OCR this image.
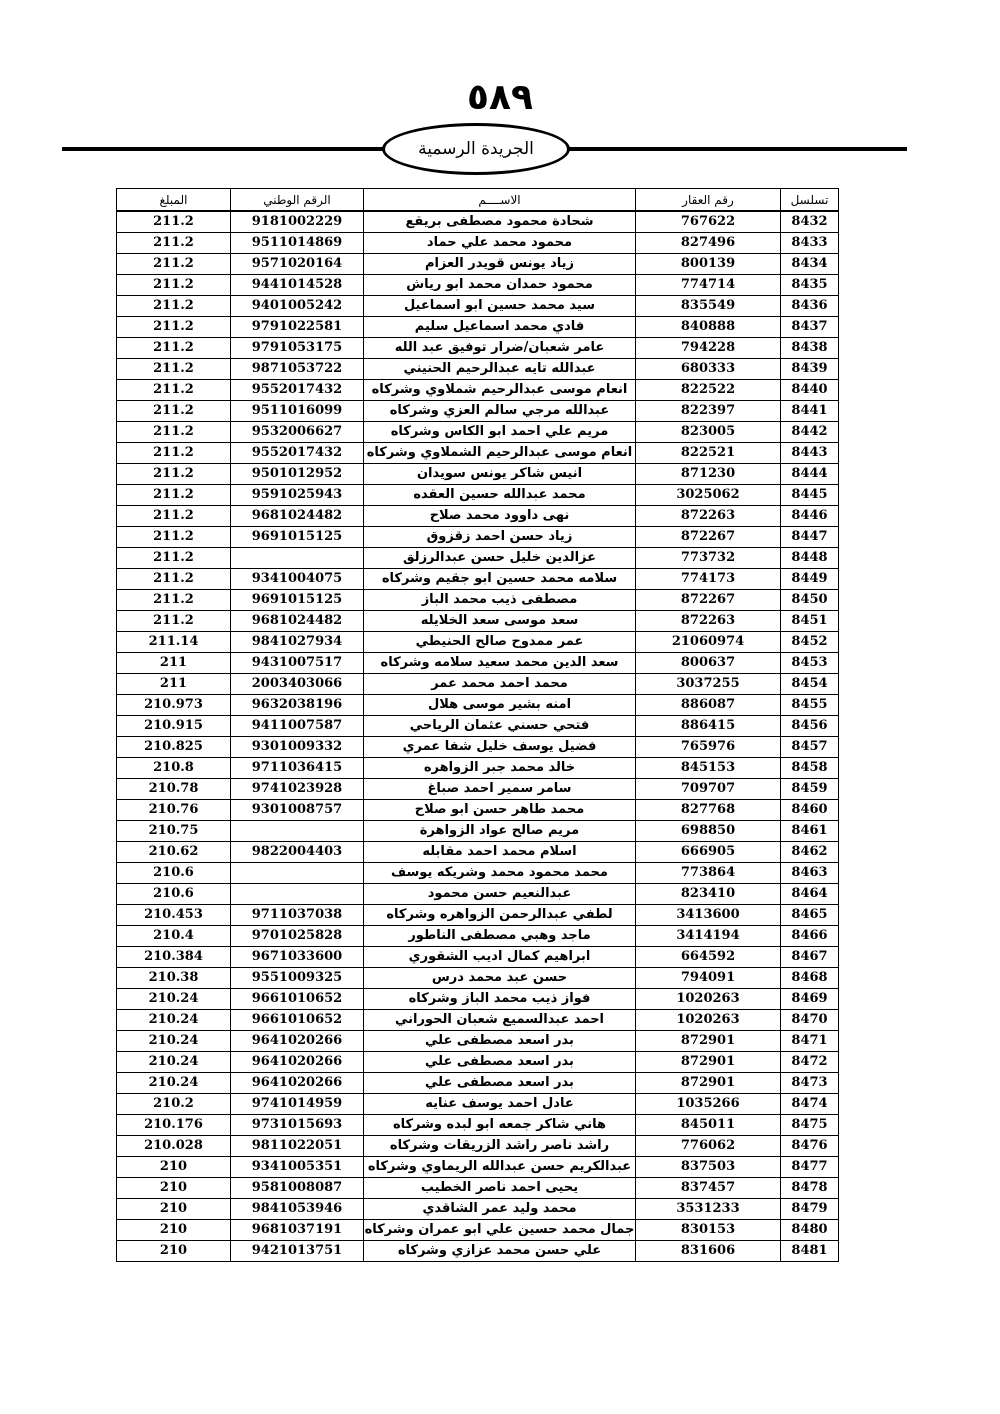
٥٨٩
الجريدة الرسمية
تسلسل	رقم العقار	الاســــم	الرقم الوطني	المبلغ
8432	767622	شحادة محمود مصطفى بريقع	9181002229	211.2
8433	827496	محمود محمد علي حماد	9511014869	211.2
8434	800139	زياد يونس قويدر العزام	9571020164	211.2
8435	774714	محمود حمدان محمد ابو رياش	9441014528	211.2
8436	835549	سيد محمد حسين ابو اسماعيل	9401005242	211.2
8437	840888	فادي محمد اسماعيل سليم	9791022581	211.2
8438	794228	عامر شعبان/ضرار توفيق عبد الله	9791053175	211.2
8439	680333	عبدالله تايه عبدالرحيم الحنيني	9871053722	211.2
8440	822522	انعام موسى عبدالرحيم شملاوي وشركاه	9552017432	211.2
8441	822397	عبدالله مرجي سالم العزي وشركاه	9511016099	211.2
8442	823005	مريم علي احمد ابو الكاس وشركاه	9532006627	211.2
8443	822521	انعام موسى عبدالرحيم الشملاوي وشركاه	9552017432	211.2
8444	871230	انيس شاكر يونس سويدان	9501012952	211.2
8445	3025062	محمد عبدالله حسين العقده	9591025943	211.2
8446	872263	نهى داوود محمد صلاح	9681024482	211.2
8447	872267	زياد حسن احمد زقزوق	9691015125	211.2
8448	773732	عزالدين خليل حسن عبدالرزلق		211.2
8449	774173	سلامه محمد حسين ابو جقيم وشركاه	9341004075	211.2
8450	872267	مصطفى ذيب محمد الباز	9691015125	211.2
8451	872263	سعد موسى سعد الخلايله	9681024482	211.2
8452	21060974	عمر ممدوح صالح الحنيطي	9841027934	211.14
8453	800637	سعد الدين محمد سعيد سلامه وشركاه	9431007517	211
8454	3037255	محمد احمد محمد عمر	2003403066	211
8455	886087	امنه بشير موسى هلال	9632038196	210.973
8456	886415	فتحي حسني عثمان الرياحي	9411007587	210.915
8457	765976	فضيل يوسف خليل شفا عمري	9301009332	210.825
8458	845153	خالد محمد جبر الزواهره	9711036415	210.8
8459	709707	سامر سمير احمد صباغ	9741023928	210.78
8460	827768	محمد طاهر حسن ابو صلاح	9301008757	210.76
8461	698850	مريم صالح عواد الزواهرة		210.75
8462	666905	اسلام محمد احمد مقابله	9822004403	210.62
8463	773864	محمد محمود محمد وشريكه يوسف		210.6
8464	823410	عبدالنعيم حسن محمود		210.6
8465	3413600	لطفي عبدالرحمن الزواهره وشركاه	9711037038	210.453
8466	3414194	ماجد وهبي مصطفى الناطور	9701025828	210.4
8467	664592	ابراهيم كمال اديب الشقوري	9671033600	210.384
8468	794091	حسن عبد محمد درس	9551009325	210.38
8469	1020263	فواز ذيب محمد الباز وشركاه	9661010652	210.24
8470	1020263	احمد عبدالسميع شعبان الحوراني	9661010652	210.24
8471	872901	بدر اسعد مصطفى علي	9641020266	210.24
8472	872901	بدر اسعد مصطفى علي	9641020266	210.24
8473	872901	بدر اسعد مصطفى علي	9641020266	210.24
8474	1035266	عادل احمد يوسف عنايه	9741014959	210.2
8475	845011	هاني شاكر جمعه ابو لبده وشركاه	9731015693	210.176
8476	776062	راشد ناصر راشد الزريقات وشركاه	9811022051	210.028
8477	837503	عبدالكريم حسن عبدالله الريماوي وشركاه	9341005351	210
8478	837457	يحيى احمد ناصر الخطيب	9581008087	210
8479	3531233	محمد وليد عمر الشاقدي	9841053946	210
8480	830153	جمال محمد حسين علي ابو عمران وشركاه	9681037191	210
8481	831606	علي حسن محمد عزازي وشركاه	9421013751	210
